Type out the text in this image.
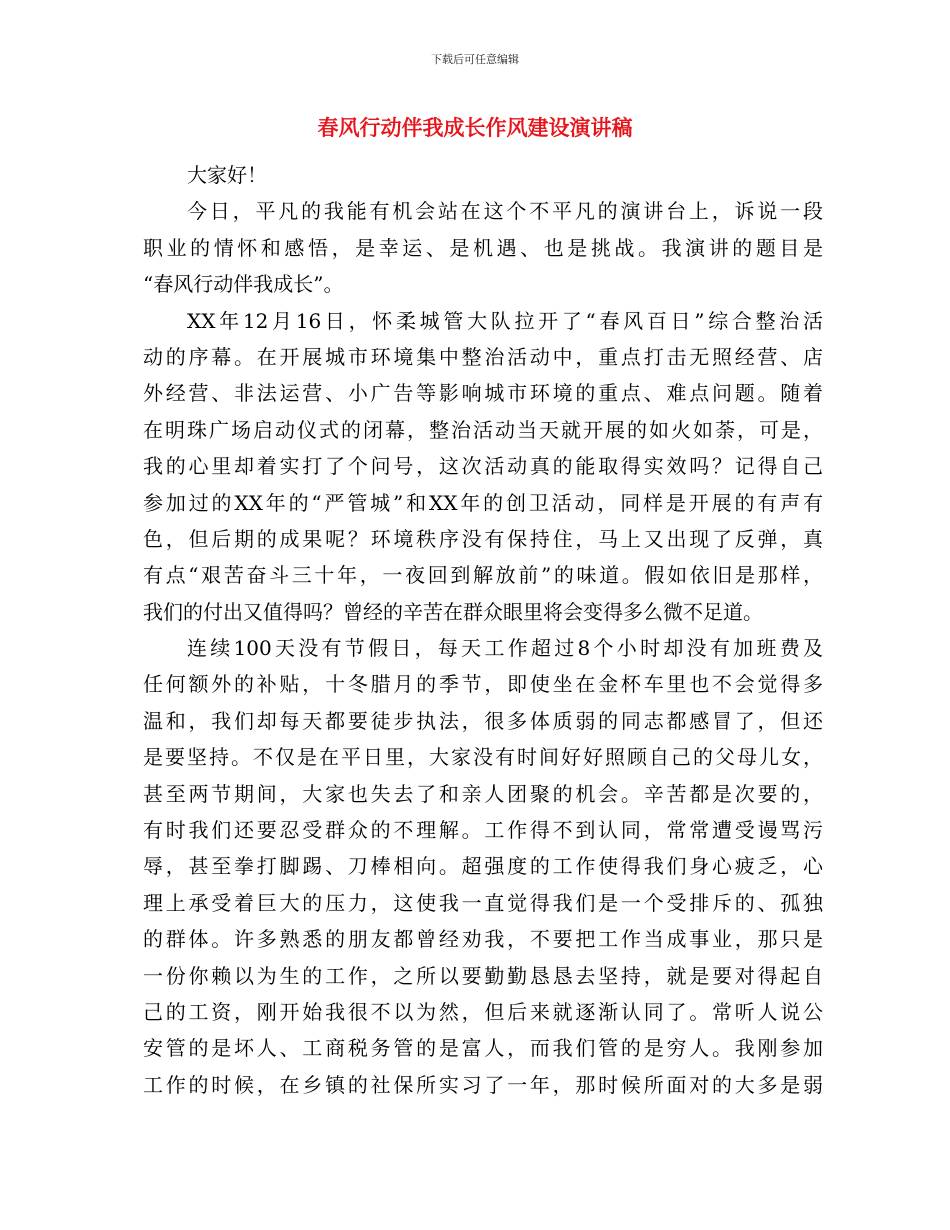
下载后可任意编辑
春风行动伴我成长作风建设演讲稿
大家好！
今日，平凡的我能有机会站在这个不平凡的演讲台上，诉说一段
职业的情怀和感悟，是幸运、是机遇、也是挑战。我演讲的题目是
“春风行动伴我成长”。
XX年12月16日，怀柔城管大队拉开了“春风百日”综合整治活
动的序幕。在开展城市环境集中整治活动中，重点打击无照经营、店
外经营、非法运营、小广告等影响城市环境的重点、难点问题。随着
在明珠广场启动仪式的闭幕，整治活动当天就开展的如火如荼，可是，
我的心里却着实打了个问号，这次活动真的能取得实效吗？记得自己
参加过的XX年的“严管城”和XX年的创卫活动，同样是开展的有声有
色，但后期的成果呢？环境秩序没有保持住，马上又出现了反弹，真
有点“艰苦奋斗三十年，一夜回到解放前”的味道。假如依旧是那样，
我们的付出又值得吗？曾经的辛苦在群众眼里将会变得多么微不足道。
连续100天没有节假日，每天工作超过8个小时却没有加班费及
任何额外的补贴，十冬腊月的季节，即使坐在金杯车里也不会觉得多
温和，我们却每天都要徒步执法，很多体质弱的同志都感冒了，但还
是要坚持。不仅是在平日里，大家没有时间好好照顾自己的父母儿女，
甚至两节期间，大家也失去了和亲人团聚的机会。辛苦都是次要的，
有时我们还要忍受群众的不理解。工作得不到认同，常常遭受谩骂污
辱，甚至拳打脚踢、刀棒相向。超强度的工作使得我们身心疲乏，心
理上承受着巨大的压力，这使我一直觉得我们是一个受排斥的、孤独
的群体。许多熟悉的朋友都曾经劝我，不要把工作当成事业，那只是
一份你赖以为生的工作，之所以要勤勤恳恳去坚持，就是要对得起自
己的工资，刚开始我很不以为然，但后来就逐渐认同了。常听人说公
安管的是坏人、工商税务管的是富人，而我们管的是穷人。我刚参加
工作的时候，在乡镇的社保所实习了一年，那时候所面对的大多是弱
